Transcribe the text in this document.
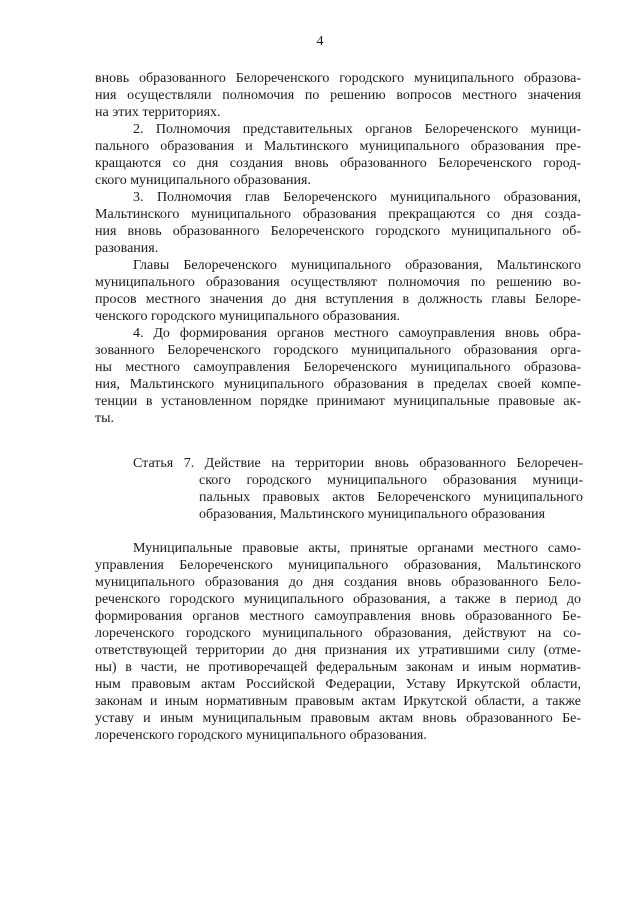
4
вновь образованного Белореченского городского муниципального образова-
ния осуществляли полномочия по решению вопросов местного значения
на этих территориях.
2. Полномочия представительных органов Белореченского муници-
пального образования и Мальтинского муниципального образования пре-
кращаются со дня создания вновь образованного Белореченского город-
ского муниципального образования.
3. Полномочия глав Белореченского муниципального образования,
Мальтинского муниципального образования прекращаются со дня созда-
ния вновь образованного Белореченского городского муниципального об-
разования.
Главы Белореченского муниципального образования, Мальтинского
муниципального образования осуществляют полномочия по решению во-
просов местного значения до дня вступления в должность главы Белоре-
ченского городского муниципального образования.
4. До формирования органов местного самоуправления вновь обра-
зованного Белореченского городского муниципального образования орга-
ны местного самоуправления Белореченского муниципального образова-
ния, Мальтинского муниципального образования в пределах своей компе-
тенции в установленном порядке принимают муниципальные правовые ак-
ты.
Статья 7. Действие на территории вновь образованного Белоречен-
ского городского муниципального образования муници-
пальных правовых актов Белореченского муниципального
образования, Мальтинского муниципального образования
Муниципальные правовые акты, принятые органами местного само-
управления Белореченского муниципального образования, Мальтинского
муниципального образования до дня создания вновь образованного Бело-
реченского городского муниципального образования, а также в период до
формирования органов местного самоуправления вновь образованного Бе-
лореченского городского муниципального образования, действуют на со-
ответствующей территории до дня признания их утратившими силу (отме-
ны) в части, не противоречащей федеральным законам и иным норматив-
ным правовым актам Российской Федерации, Уставу Иркутской области,
законам и иным нормативным правовым актам Иркутской области, а также
уставу и иным муниципальным правовым актам вновь образованного Бе-
лореченского городского муниципального образования.
